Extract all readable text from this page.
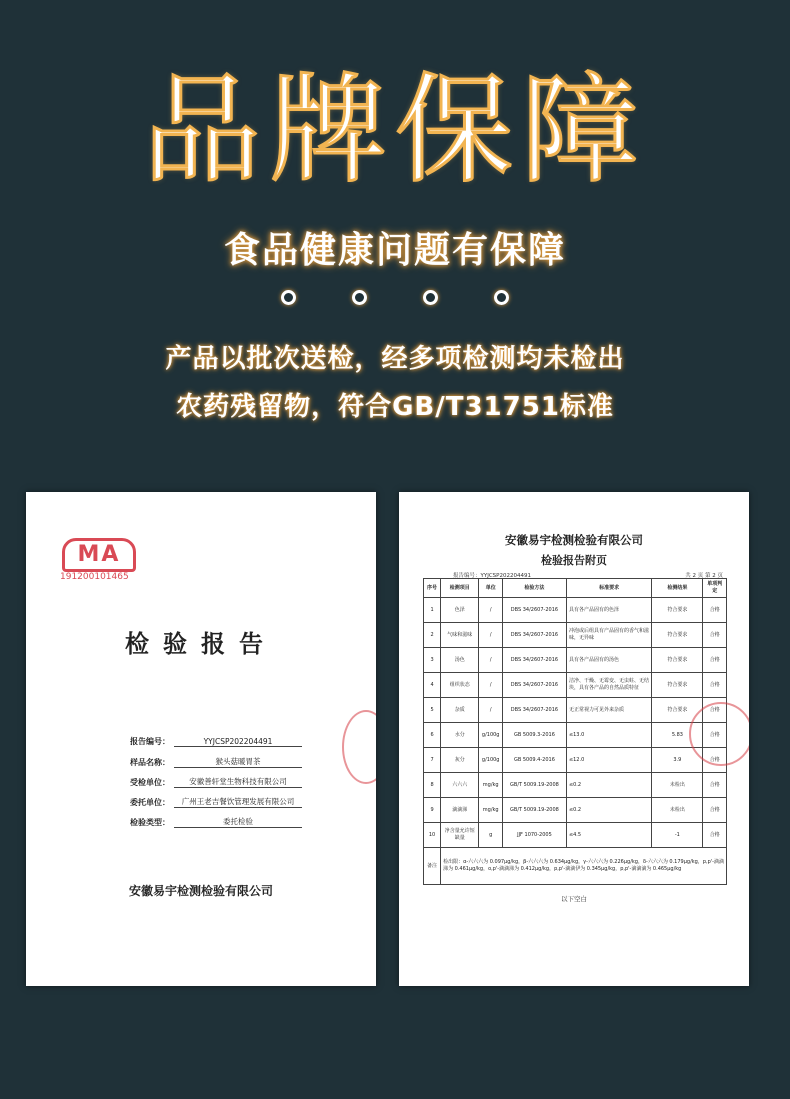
品牌保障
食品健康问题有保障
产品以批次送检，经多项检测均未检出
农药残留物，符合GB/T31751标准
MA
191200101465
检验报告
报告编号：	YYJCSP202204491
样品名称：	猴头菇暖胃茶
受检单位：	安徽善轩堂生物科技有限公司
委托单位：	广州王老吉餐饮管理发展有限公司
检验类型：	委托检验
安徽易宇检测检验有限公司
安徽易宇检测检验有限公司
检验报告附页
报告编号：YYJCSP202204491	共 2 页 第 2 页
序号	检测项目	单位	检验方法	标准要求	检测结果	单项判定
1	色泽	/	DBS 34/2607-2016	具有各产品固有的色泽	符合要求	合格
2	气味和滋味	/	DBS 34/2607-2016	冲泡或后组具有产品固有的香气和滋味，无异味	符合要求	合格
3	汤色	/	DBS 34/2607-2016	具有各产品固有的汤色	符合要求	合格
4	组织状态	/	DBS 34/2607-2016	洁净、干燥、无霉变、无虫蛀、无结块，具有各产品的自然品质特征	符合要求	合格
5	杂质	/	DBS 34/2607-2016	无正常视力可见外来杂质	符合要求	合格
6	水分	g/100g	GB 5009.3-2016	≤13.0	5.83	合格
7	灰分	g/100g	GB 5009.4-2016	≤12.0	3.9	合格
8	六六六	mg/kg	GB/T 5009.19-2008	≤0.2	未检出	合格
9	滴滴涕	mg/kg	GB/T 5009.19-2008	≤0.2	未检出	合格
10	净含量允许短缺量	g	JJF 1070-2005	≤4.5	-1	合格
备注	检出限：α-六六六为 0.097μg/kg，β-六六六为 0.634μg/kg，γ-六六六为 0.226μg/kg，δ-六六六为 0.179μg/kg，p,p'-滴滴涕为 0.461μg/kg，o,p'-滴滴涕为 0.412μg/kg，p,p'-滴滴伊为 0.345μg/kg，p,p'-滴滴滴为 0.465μg/kg					
以下空白
